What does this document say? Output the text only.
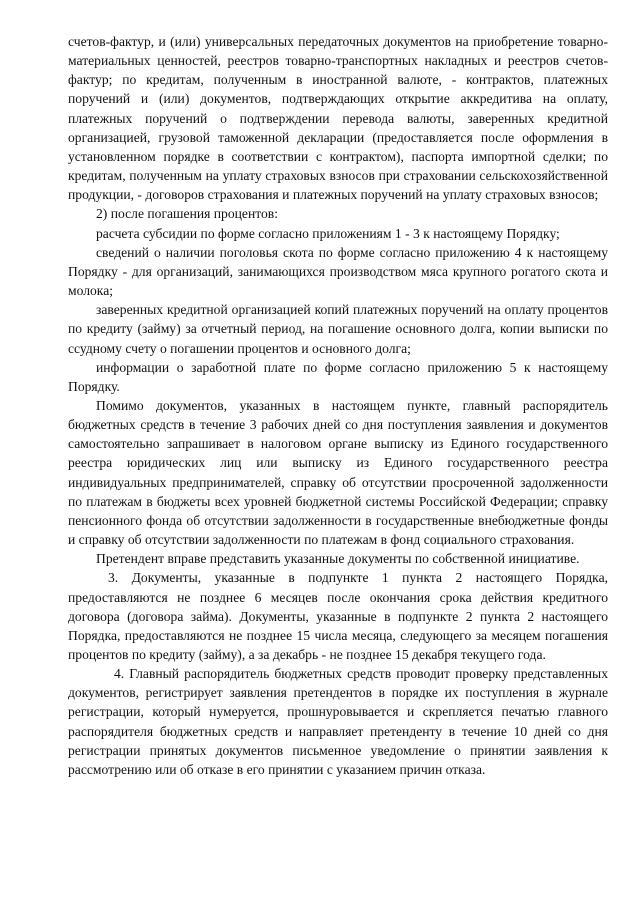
счетов-фактур, и (или) универсальных передаточных документов на приобретение товарно-материальных ценностей, реестров товарно-транспортных накладных и реестров счетов-фактур; по кредитам, полученным в иностранной валюте, - контрактов, платежных поручений и (или) документов, подтверждающих открытие аккредитива на оплату, платежных поручений о подтверждении перевода валюты, заверенных кредитной организацией, грузовой таможенной декларации (предоставляется после оформления в установленном порядке в соответствии с контрактом), паспорта импортной сделки; по кредитам, полученным на уплату страховых взносов при страховании сельскохозяйственной продукции, - договоров страхования и платежных поручений на уплату страховых взносов;

2) после погашения процентов:

расчета субсидии по форме согласно приложениям 1 - 3 к настоящему Порядку;

сведений о наличии поголовья скота по форме согласно приложению 4 к настоящему Порядку - для организаций, занимающихся производством мяса крупного рогатого скота и молока;

заверенных кредитной организацией копий платежных поручений на оплату процентов по кредиту (займу) за отчетный период, на погашение основного долга, копии выписки по ссудному счету о погашении процентов и основного долга;

информации о заработной плате по форме согласно приложению 5 к настоящему Порядку.

Помимо документов, указанных в настоящем пункте, главный распорядитель бюджетных средств в течение 3 рабочих дней со дня поступления заявления и документов самостоятельно запрашивает в налоговом органе выписку из Единого государственного реестра юридических лиц или выписку из Единого государственного реестра индивидуальных предпринимателей, справку об отсутствии просроченной задолженности по платежам в бюджеты всех уровней бюджетной системы Российской Федерации; справку пенсионного фонда об отсутствии задолженности в государственные внебюджетные фонды и справку об отсутствии задолженности по платежам в фонд социального страхования.

Претендент вправе представить указанные документы по собственной инициативе.

3. Документы, указанные в подпункте 1 пункта 2 настоящего Порядка, предоставляются не позднее 6 месяцев после окончания срока действия кредитного договора (договора займа). Документы, указанные в подпункте 2 пункта 2 настоящего Порядка, предоставляются не позднее 15 числа месяца, следующего за месяцем погашения процентов по кредиту (займу), а за декабрь - не позднее 15 декабря текущего года.

4. Главный распорядитель бюджетных средств проводит проверку представленных документов, регистрирует заявления претендентов в порядке их поступления в журнале регистрации, который нумеруется, прошнуровывается и скрепляется печатью главного распорядителя бюджетных средств и направляет претенденту в течение 10 дней со дня регистрации принятых документов письменное уведомление о принятии заявления к рассмотрению или об отказе в его принятии с указанием причин отказа.
